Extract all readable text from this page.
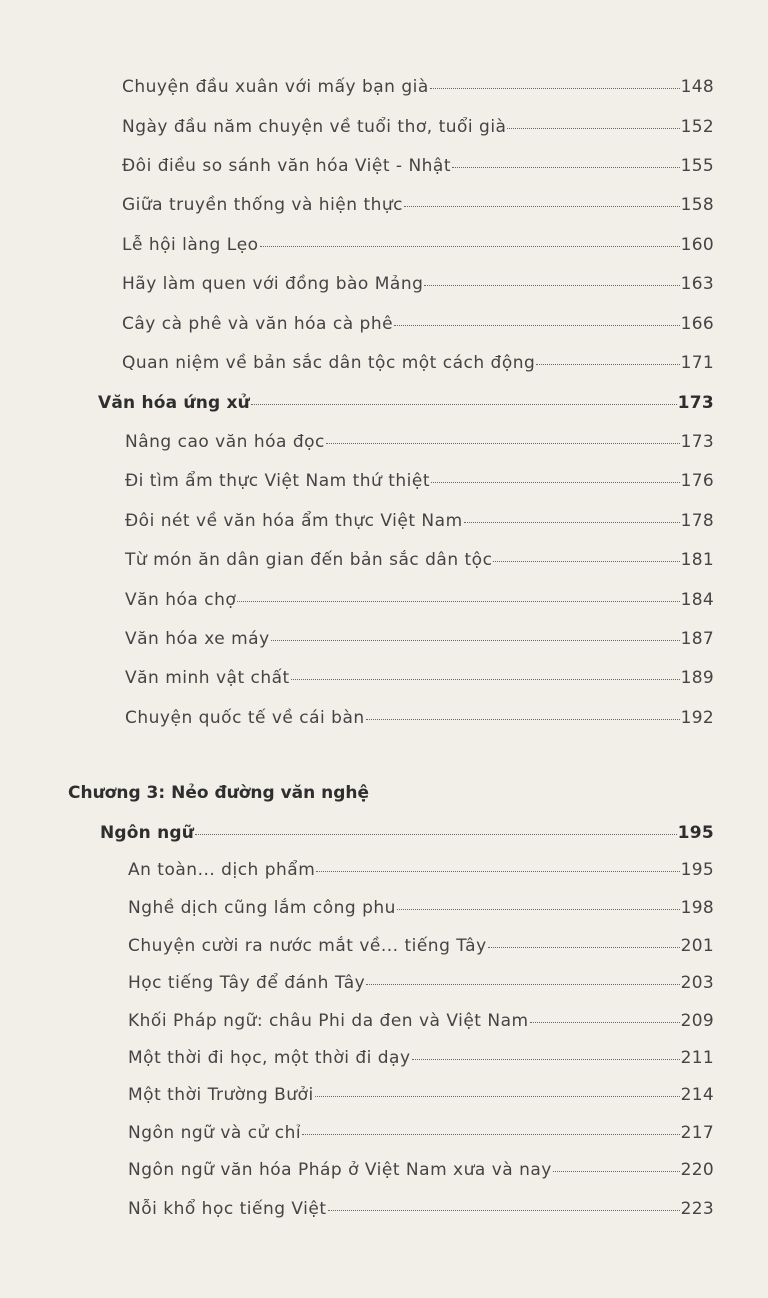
Chuyện đầu xuân với mấy bạn già	148
Ngày đầu năm chuyện về tuổi thơ, tuổi già	152
Đôi điều so sánh văn hóa Việt - Nhật	155
Giữa truyền thống và hiện thực	158
Lễ hội làng Lẹo	160
Hãy làm quen với đồng bào Mảng	163
Cây cà phê và văn hóa cà phê	166
Quan niệm về bản sắc dân tộc một cách động	171
Văn hóa ứng xử	173
Nâng cao văn hóa đọc	173
Đi tìm ẩm thực Việt Nam thứ thiệt	176
Đôi nét về văn hóa ẩm thực Việt Nam	178
Từ món ăn dân gian đến bản sắc dân tộc	181
Văn hóa chợ	184
Văn hóa xe máy	187
Văn minh vật chất	189
Chuyện quốc tế về cái bàn	192
Chương 3: Nẻo đường văn nghệ
Ngôn ngữ	195
An toàn... dịch phẩm	195
Nghề dịch cũng lắm công phu	198
Chuyện cười ra nước mắt về... tiếng Tây	201
Học tiếng Tây để đánh Tây	203
Khối Pháp ngữ: châu Phi da đen và Việt Nam	209
Một thời đi học, một thời đi dạy	211
Một thời Trường Bưởi	214
Ngôn ngữ và cử chỉ	217
Ngôn ngữ văn hóa Pháp ở Việt Nam xưa và nay	220
Nỗi khổ học tiếng Việt	223
